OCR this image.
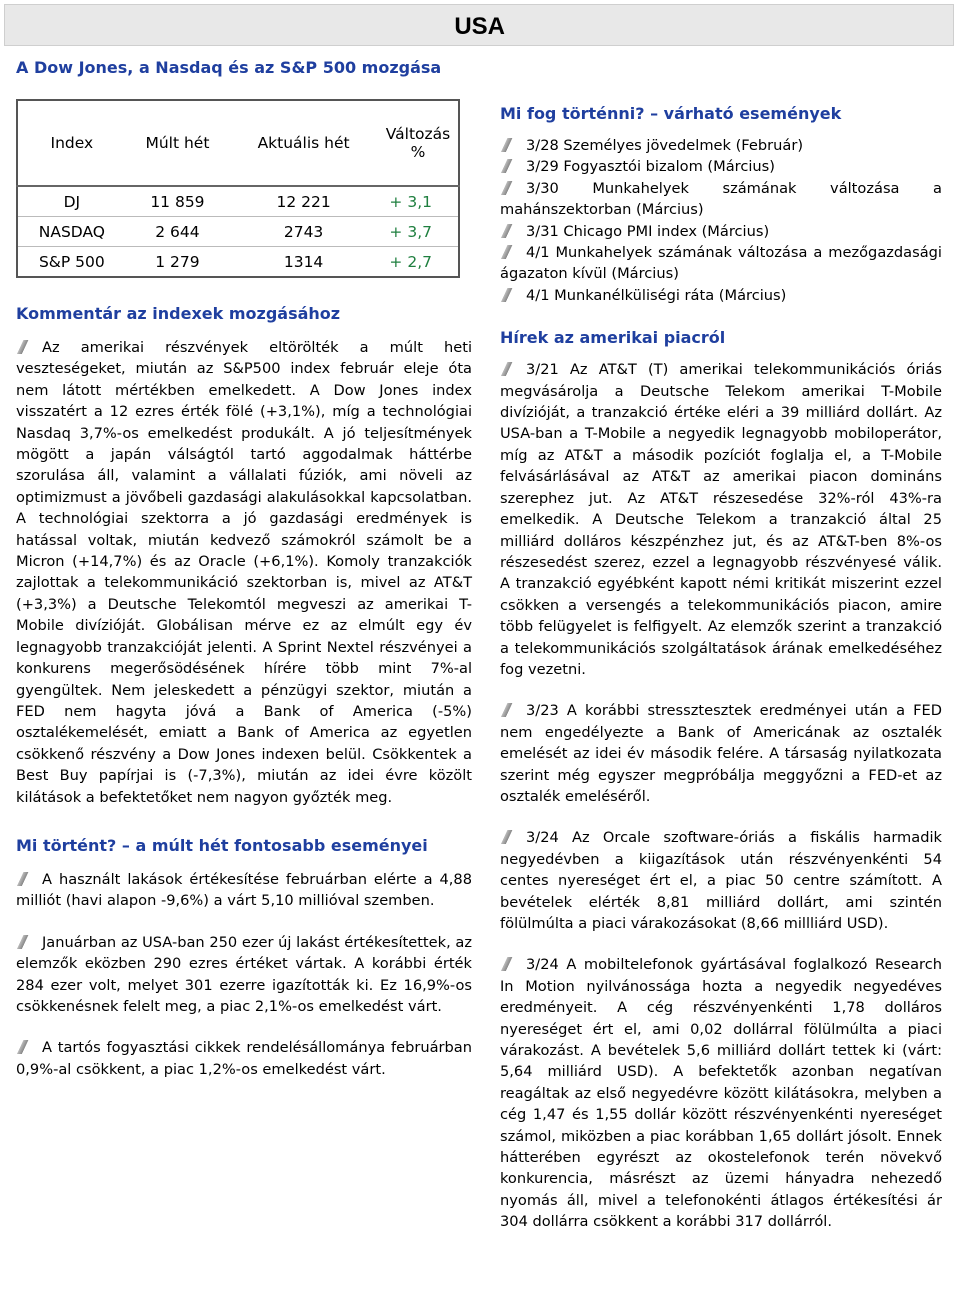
USA
A Dow Jones, a Nasdaq és az S&P 500 mozgása
Index	Múlt hét	Aktuális hét	Változás %
DJ	11 859	12 221	+ 3,1
NASDAQ	2 644	2743	+ 3,7
S&P 500	1 279	1314	+ 2,7
Kommentár az indexek mozgásához

Az amerikai részvények eltörölték a múlt heti veszteségeket, miután az S&P500 index február eleje óta nem látott mértékben emelkedett. A Dow Jones index visszatért a 12 ezres érték fölé (+3,1%), míg a technológiai Nasdaq 3,7%-os emelkedést produkált. A jó teljesítmények mögött a japán válságtól tartó aggodalmak háttérbe szorulása áll, valamint a vállalati fúziók, ami növeli az optimizmust a jövőbeli gazdasági alakulásokkal kapcsolatban. A technológiai szektorra a jó gazdasági eredmények is hatással voltak, miután kedvező számokról számolt be a Micron (+14,7%) és az Oracle (+6,1%). Komoly tranzakciók zajlottak a telekommunikáció szektorban is, mivel az AT&T (+3,3%) a Deutsche Telekomtól megveszi az amerikai T-Mobile divízióját. Globálisan mérve ez az elmúlt egy év legnagyobb tranzakcióját jelenti. A Sprint Nextel részvényei a konkurens megerősödésének hírére több mint 7%-al gyengültek. Nem jeleskedett a pénzügyi szektor, miután a FED nem hagyta jóvá a Bank of America (-5%) osztalékemelését, emiatt a Bank of America az egyetlen csökkenő részvény a Dow Jones indexen belül. Csökkentek a Best Buy papírjai is (-7,3%), miután az idei évre közölt kilátások a befektetőket nem nagyon győzték meg.

Mi történt? – a múlt hét fontosabb eseményei

A használt lakások értékesítése februárban elérte a 4,88 milliót (havi alapon -9,6%) a várt 5,10 millióval szemben.

Januárban az USA-ban 250 ezer új lakást értékesítettek, az elemzők eközben 290 ezres értéket vártak. A korábbi érték 284 ezer volt, melyet 301 ezerre igazították ki. Ez 16,9%-os csökkenésnek felelt meg, a piac 2,1%-os emelkedést várt.

A tartós fogyasztási cikkek rendelésállománya februárban 0,9%-al csökkent, a piac 1,2%-os emelkedést várt.

Mi fog történni? – várható események

3/28 Személyes jövedelmek (Február)

3/29 Fogyasztói bizalom (Március)

3/30 Munkahelyek számának változása a mahánszektorban (Március)

3/31 Chicago PMI index (Március)

4/1 Munkahelyek számának változása a mezőgazdasági ágazaton kívül (Március)

4/1 Munkanélküliségi ráta (Március)

Hírek az amerikai piacról

3/21 Az AT&T (T) amerikai telekommunikációs óriás megvásárolja a Deutsche Telekom amerikai T-Mobile divízióját, a tranzakció értéke eléri a 39 milliárd dollárt. Az USA-ban a T-Mobile a negyedik legnagyobb mobiloperátor, míg az AT&T a második pozíciót foglalja el, a T-Mobile felvásárlásával az AT&T az amerikai piacon domináns szerephez jut. Az AT&T részesedése 32%-ról 43%-ra emelkedik. A Deutsche Telekom a tranzakció által 25 milliárd dolláros készpénzhez jut, és az AT&T-ben 8%-os részesedést szerez, ezzel a legnagyobb részvényesé válik. A tranzakció egyébként kapott némi kritikát miszerint ezzel csökken a versengés a telekommunikációs piacon, amire több felügyelet is felfigyelt. Az elemzők szerint a tranzakció a telekommunikációs szolgáltatások árának emelkedéséhez fog vezetni.

3/23 A korábbi stressztesztek eredményei után a FED nem engedélyezte a Bank of Americának az osztalék emelését az idei év második felére. A társaság nyilatkozata szerint még egyszer megpróbálja meggyőzni a FED-et az osztalék emeléséről.

3/24 Az Orcale szoftware-óriás a fiskális harmadik negyedévben a kiigazítások után részvényenkénti 54 centes nyereséget ért el, a piac 50 centre számított. A bevételek elérték 8,81 milliárd dollárt, ami szintén fölülmúlta a piaci várakozásokat (8,66 millliárd USD).

3/24 A mobiltelefonok gyártásával foglalkozó Research In Motion nyilvánossága hozta a negyedik negyedéves eredményeit. A cég részvényenkénti 1,78 dolláros nyereséget ért el, ami 0,02 dollárral fölülmúlta a piaci várakozást. A bevételek 5,6 milliárd dollárt tettek ki (várt: 5,64 milliárd USD). A befektetők azonban negatívan reagáltak az első negyedévre között kilátásokra, melyben a cég 1,47 és 1,55 dollár között részvényenkénti nyereséget számol, miközben a piac korábban 1,65 dollárt jósolt. Ennek hátterében egyrészt az okostelefonok terén növekvő konkurencia, másrészt az üzemi hányadra nehezedő nyomás áll, mivel a telefonokénti átlagos értékesítési ár 304 dollárra csökkent a korábbi 317 dollárról.
